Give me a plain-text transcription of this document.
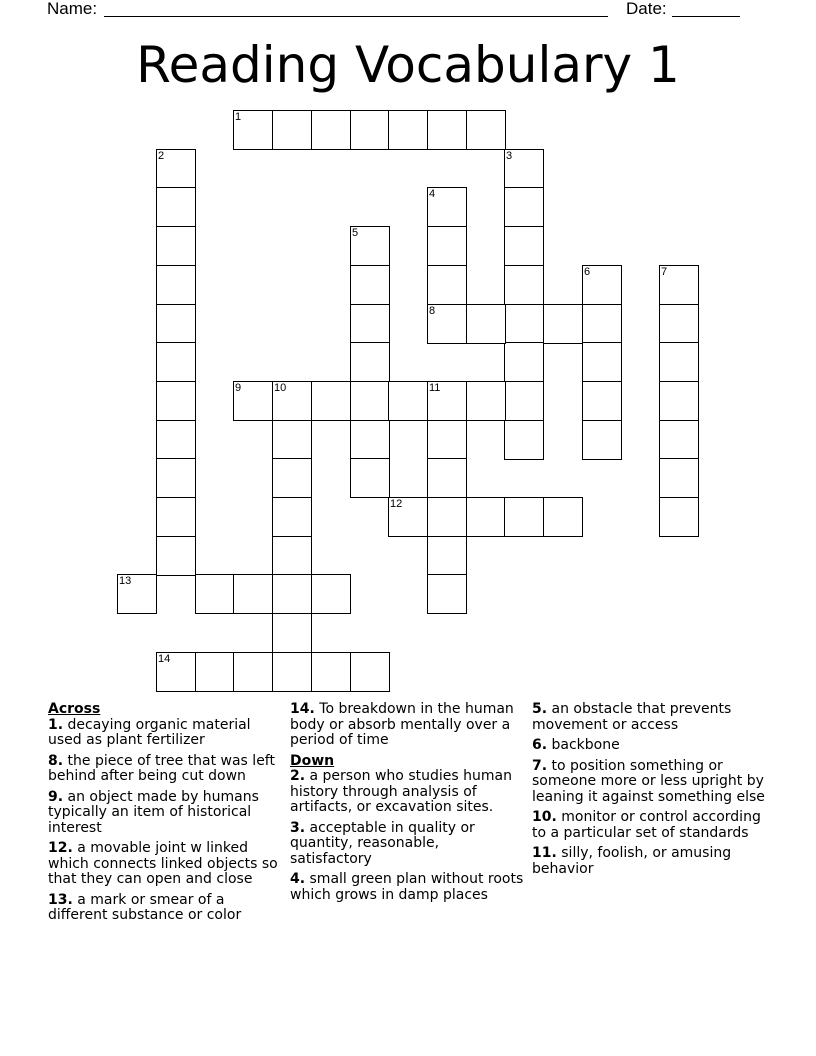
Name:	Date:
Reading Vocabulary 1
1
2	3
4
5
6	7
8
9	10	11
12
13
14
Across
1. decaying organic material used as plant fertilizer
8. the piece of tree that was left behind after being cut down
9. an object made by humans typically an item of historical interest
12. a movable joint w linked which connects linked objects so that they can open and close
13. a mark or smear of a different substance or color
14. To breakdown in the human body or absorb mentally over a period of time
Down
2. a person who studies human history through analysis of artifacts, or excavation sites.
3. acceptable in quality or quantity, reasonable, satisfactory
4. small green plan without roots which grows in damp places
5. an obstacle that prevents movement or access
6. backbone
7. to position something or someone more or less upright by leaning it against something else
10. monitor or control according to a particular set of standards
11. silly, foolish, or amusing behavior
